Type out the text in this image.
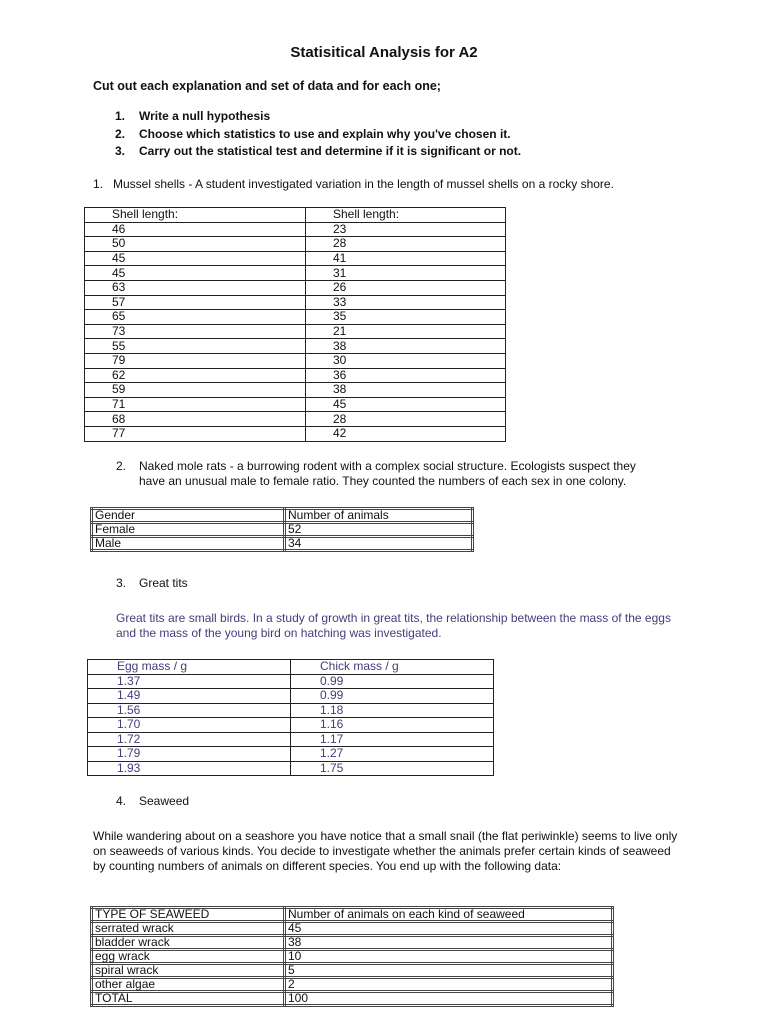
Statisitical Analysis for A2
Cut out each explanation and set of data and for each one;
1. Write a null hypothesis
2. Choose which statistics to use and explain why you've chosen it.
3. Carry out the statistical test and determine if it is significant or not.
1.   Mussel shells - A student investigated variation in the length of mussel shells on a rocky shore.
Shell length:	Shell length:
46	23
50	28
45	41
45	31
63	26
57	33
65	35
73	21
55	38
79	30
62	36
59	38
71	45
68	28
77	42
2. Naked mole rats - a burrowing rodent with a complex social structure. Ecologists suspect they
have an unusual male to female ratio. They counted the numbers of each sex in one colony.
Gender	Number of animals
Female	52
Male	34
3. Great tits
Great tits are small birds. In a study of growth in great tits, the relationship between the mass of the eggs and the mass of the young bird on hatching was investigated.
Egg mass / g	Chick mass / g
1.37	0.99
1.49	0.99
1.56	1.18
1.70	1.16
1.72	1.17
1.79	1.27
1.93	1.75
4. Seaweed
While wandering about on a seashore you have notice that a small snail (the flat periwinkle) seems to live only on seaweeds of various kinds. You decide to investigate whether the animals prefer certain kinds of seaweed by counting numbers of animals on different species. You end up with the following data:
TYPE OF SEAWEED	Number of animals on each kind of seaweed
serrated wrack	45
bladder wrack	38
egg wrack	10
spiral wrack	5
other algae	2
TOTAL	100
